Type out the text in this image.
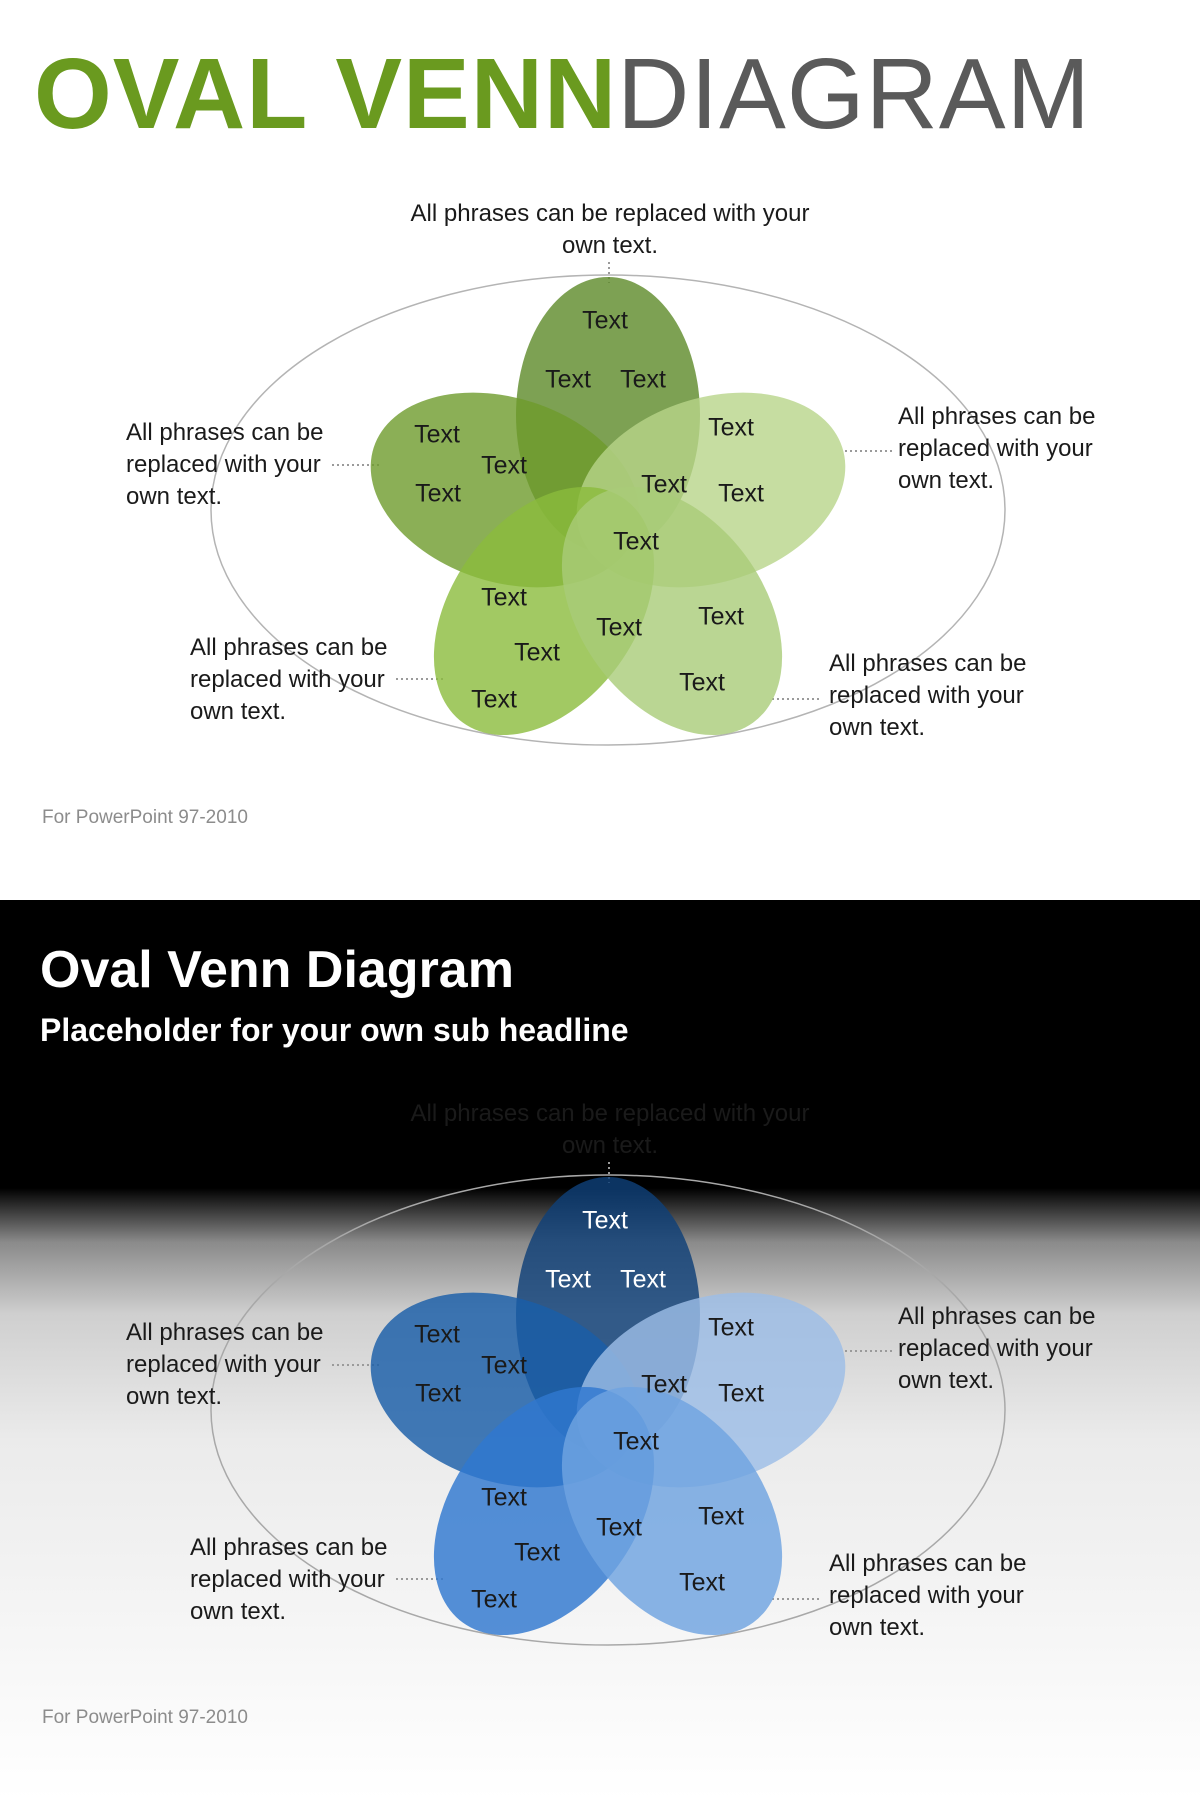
OVAL VENNDIAGRAM
Text
Text Text
Text
Text
Text
Text
Text Text
Text
Text
Text Text
Text
Text
Text
All phrases can be replaced with your own text.
All phrases can be replaced with your own text.
All phrases can be replaced with your own text.
All phrases can be replaced with your own text.
All phrases can be replaced with your own text.
For PowerPoint 97-2010
Oval Venn Diagram
Placeholder for your own sub headline
Text
Text Text
Text
Text
Text
Text
Text Text
Text
Text
Text Text
Text
Text
Text
All phrases can be replaced with your own text.
All phrases can be replaced with your own text.
All phrases can be replaced with your own text.
All phrases can be replaced with your own text.
All phrases can be replaced with your own text.
For PowerPoint 97-2010
